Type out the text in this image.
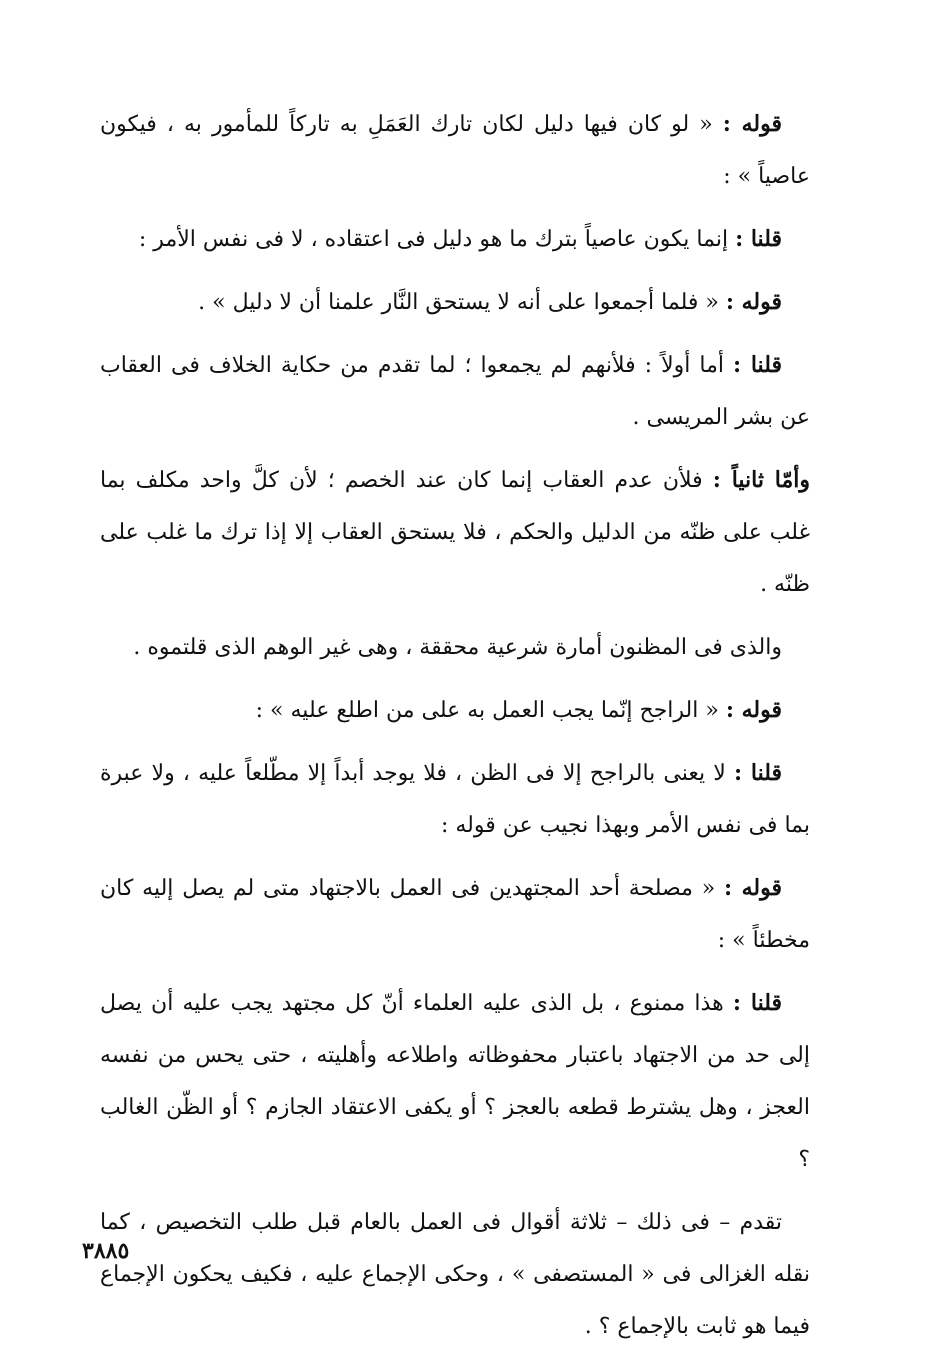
قوله : « لو كان فيها دليل لكان تارك العَمَلِ به تاركاً للمأمور به ، فيكون عاصياً » :

قلنا : إنما يكون عاصياً بترك ما هو دليل فى اعتقاده ، لا فى نفس الأمر :

قوله : « فلما أجمعوا على أنه لا يستحق النَّار علمنا أن لا دليل » .

قلنا : أما أولاً : فلأنهم لم يجمعوا ؛ لما تقدم من حكاية الخلاف فى العقاب عن بشر المريسى .

وأمّا ثانياً : فلأن عدم العقاب إنما كان عند الخصم ؛ لأن كلَّ واحد مكلف بما غلب على ظنّه من الدليل والحكم ، فلا يستحق العقاب إلا إذا ترك ما غلب على ظنّه .

والذى فى المظنون أمارة شرعية محققة ، وهى غير الوهم الذى قلتموه .

قوله : « الراجح إنّما يجب العمل به على من اطلع عليه » :

قلنا : لا يعنى بالراجح إلا فى الظن ، فلا يوجد أبداً إلا مطّلعاً عليه ، ولا عبرة بما فى نفس الأمر وبهذا نجيب عن قوله :

قوله : « مصلحة أحد المجتهدين فى العمل بالاجتهاد متى لم يصل إليه كان مخطئاً » :

قلنا : هذا ممنوع ، بل الذى عليه العلماء أنّ كل مجتهد يجب عليه أن يصل إلى حد من الاجتهاد باعتبار محفوظاته واطلاعه وأهليته ، حتى يحس من نفسه العجز ، وهل يشترط قطعه بالعجز ؟ أو يكفى الاعتقاد الجازم ؟ أو الظّن الغالب ؟

تقدم – فى ذلك – ثلاثة أقوال فى العمل بالعام قبل طلب التخصيص ، كما نقله الغزالى فى « المستصفى » ، وحكى الإجماع عليه ، فكيف يحكون الإجماع فيما هو ثابت بالإجماع ؟ .

٣٨٨٥
